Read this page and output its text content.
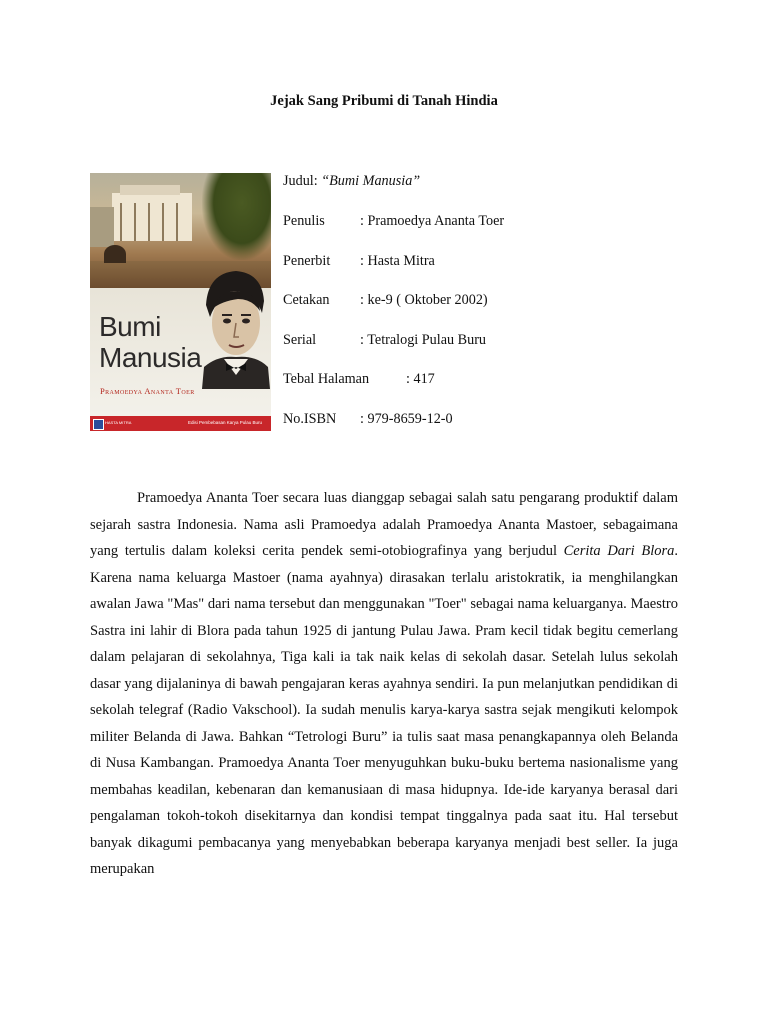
Jejak Sang Pribumi di Tanah Hindia
Bumi
Manusia
Pramoedya Ananta Toer
HASTA MITRA	Edisi Pembebasan Karya Pulau Buru
Judul: “Bumi Manusia”
Penulis : Pramoedya Ananta Toer
Penerbit : Hasta Mitra
Cetakan : ke-9 ( Oktober 2002)
Serial	: Tetralogi Pulau Buru
Tebal Halaman	: 417
No.ISBN : 979-8659-12-0

Pramoedya Ananta Toer secara luas dianggap sebagai salah satu pengarang produktif dalam sejarah sastra Indonesia. Nama asli Pramoedya adalah Pramoedya Ananta Mastoer, sebagaimana yang tertulis dalam koleksi cerita pendek semi-otobiografinya yang berjudul Cerita Dari Blora. Karena nama keluarga Mastoer (nama ayahnya) dirasakan terlalu aristokratik, ia menghilangkan awalan Jawa "Mas" dari nama tersebut dan menggunakan "Toer" sebagai nama keluarganya. Maestro Sastra ini lahir di Blora pada tahun 1925 di jantung Pulau Jawa. Pram kecil tidak begitu cemerlang dalam pelajaran di sekolahnya, Tiga kali ia tak naik kelas di sekolah dasar. Setelah lulus sekolah dasar yang dijalaninya di bawah pengajaran keras ayahnya sendiri. Ia pun melanjutkan pendidikan di sekolah telegraf (Radio Vakschool). Ia sudah menulis karya-karya sastra sejak mengikuti kelompok militer Belanda di Jawa. Bahkan “Tetrologi Buru” ia tulis saat masa penangkapannya oleh Belanda di Nusa Kambangan. Pramoedya Ananta Toer menyuguhkan buku-buku bertema nasionalisme yang membahas keadilan, kebenaran dan kemanusiaan di masa hidupnya. Ide-ide karyanya berasal dari pengalaman tokoh-tokoh disekitarnya dan kondisi tempat tinggalnya pada saat itu. Hal tersebut banyak dikagumi pembacanya yang menyebabkan beberapa karyanya menjadi best seller. Ia juga merupakan
